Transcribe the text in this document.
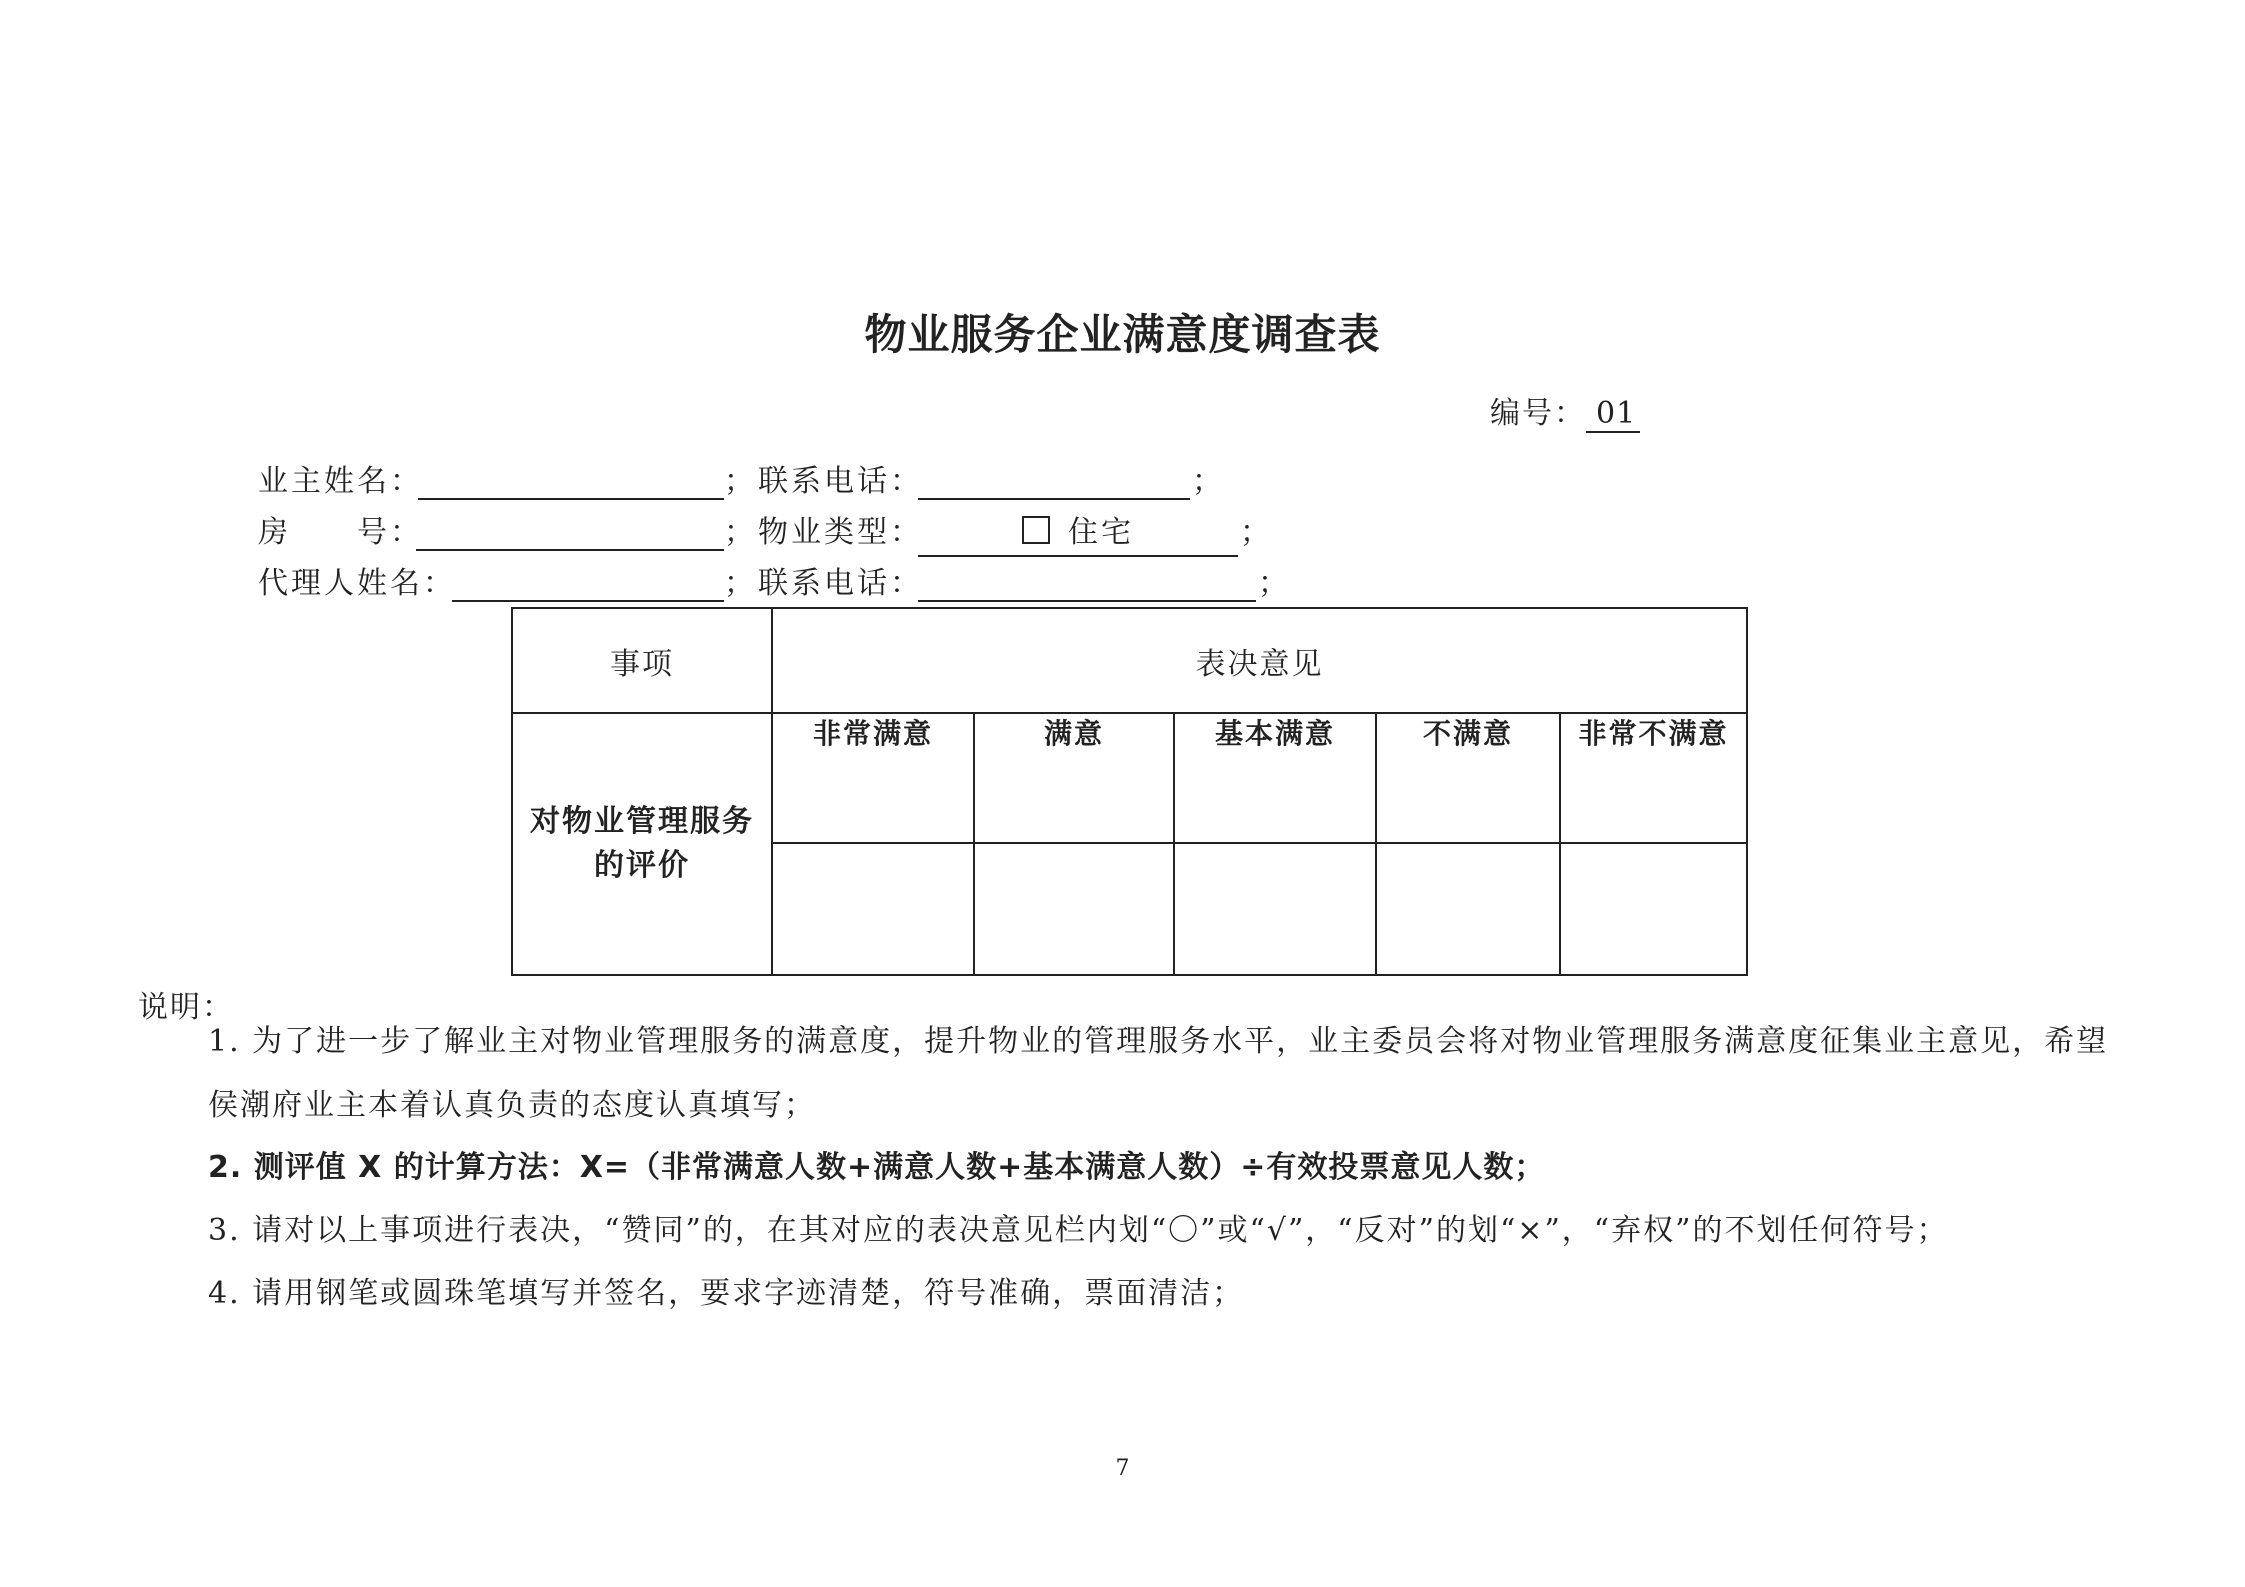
物业服务企业满意度调查表
编号： 01
业主姓名：	； 联系电话：	；
房　　号：	； 物业类型：	住宅	；
代理人姓名：	； 联系电话：	；
事项	表决意见				
对物业管理服务的评价	非常满意	满意	基本满意	不满意	非常不满意

说明：
1. 为了进一步了解业主对物业管理服务的满意度，提升物业的管理服务水平，业主委员会将对物业管理服务满意度征集业主意见，希望侯潮府业主本着认真负责的态度认真填写；
2. 测评值 X 的计算方法：X=（非常满意人数+满意人数+基本满意人数）÷有效投票意见人数；
3. 请对以上事项进行表决，“赞同”的，在其对应的表决意见栏内划“〇”或“√”，“反对”的划“×”，“弃权”的不划任何符号；
4. 请用钢笔或圆珠笔填写并签名，要求字迹清楚，符号准确，票面清洁；
7
